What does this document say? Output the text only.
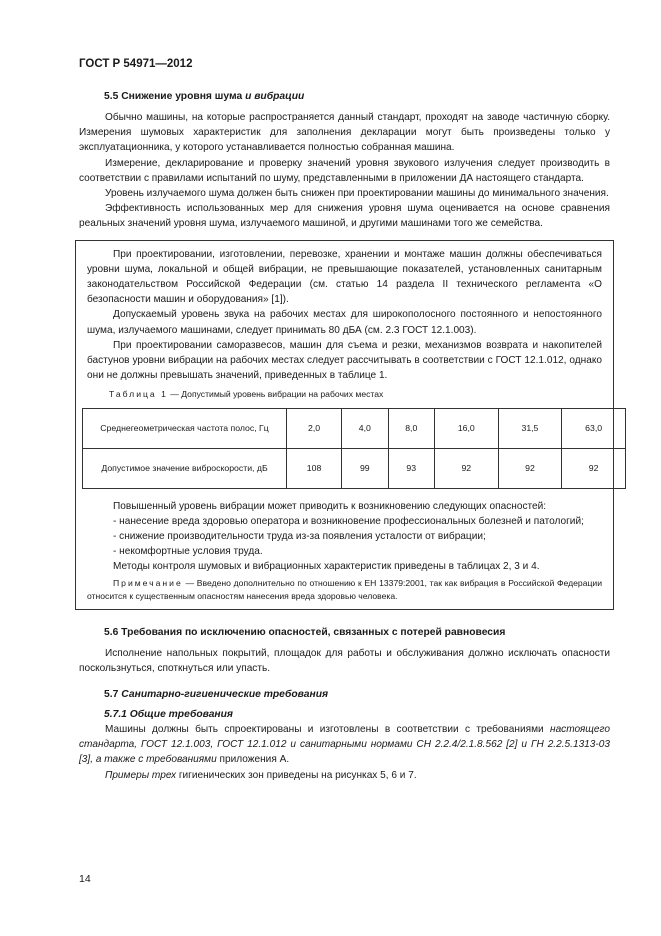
ГОСТ Р 54971—2012
5.5 Снижение уровня шума и вибрации

Обычно машины, на которые распространяется данный стандарт, проходят на заводе частичную сборку. Измерения шумовых характеристик для заполнения декларации могут быть произведены только у эксплуатационника, у которого устанавливается полностью собранная машина.

Измерение, декларирование и проверку значений уровня звукового излучения следует производить в соответствии с правилами испытаний по шуму, представленными в приложении ДА настоящего стандарта.

Уровень излучаемого шума должен быть снижен при проектировании машины до минимального значения.

Эффективность использованных мер для снижения уровня шума оценивается на основе сравнения реальных значений уровня шума, излучаемого машиной, и другими машинами того же семейства.

При проектировании, изготовлении, перевозке, хранении и монтаже машин должны обеспечиваться уровни шума, локальной и общей вибрации, не превышающие показателей, установленных санитарным законодательством Российской Федерации (см. статью 14 раздела II технического регламента «О безопасности машин и оборудования» [1]).

Допускаемый уровень звука на рабочих местах для широкополосного постоянного и непостоянного шума, излучаемого машинами, следует принимать 80 дБА (см. 2.3 ГОСТ 12.1.003).

При проектировании саморазвесов, машин для съема и резки, механизмов возврата и накопителей бастунов уровни вибрации на рабочих местах следует рассчитывать в соответствии с ГОСТ 12.1.012, однако они не должны превышать значений, приведенных в таблице 1.

Таблица 1 — Допустимый уровень вибрации на рабочих местах

Среднегеометрическая частота полос, Гц	2,0	4,0	8,0	16,0	31,5	63,0
Допустимое значение виброскорости, дБ	108	99	93	92	92	92

Повышенный уровень вибрации может приводить к возникновению следующих опасностей:

- нанесение вреда здоровью оператора и возникновение профессиональных болезней и патологий;

- снижение производительности труда из-за появления усталости от вибрации;

- некомфортные условия труда.

Методы контроля шумовых и вибрационных характеристик приведены в таблицах 2, 3 и 4.

Примечание — Введено дополнительно по отношению к ЕН 13379:2001, так как вибрация в Российской Федерации относится к существенным опасностям нанесения вреда здоровью человека.

5.6 Требования по исключению опасностей, связанных с потерей равновесия

Исполнение напольных покрытий, площадок для работы и обслуживания должно исключать опасности поскользнуться, споткнуться или упасть.

5.7 Санитарно-гигиенические требования
5.7.1 Общие требования

Машины должны быть спроектированы и изготовлены в соответствии с требованиями настоящего стандарта, ГОСТ 12.1.003, ГОСТ 12.1.012 и санитарными нормами СН 2.2.4/2.1.8.562 [2] и ГН 2.2.5.1313-03 [3], а также с требованиями приложения А.

Примеры трех гигиенических зон приведены на рисунках 5, 6 и 7.

14
